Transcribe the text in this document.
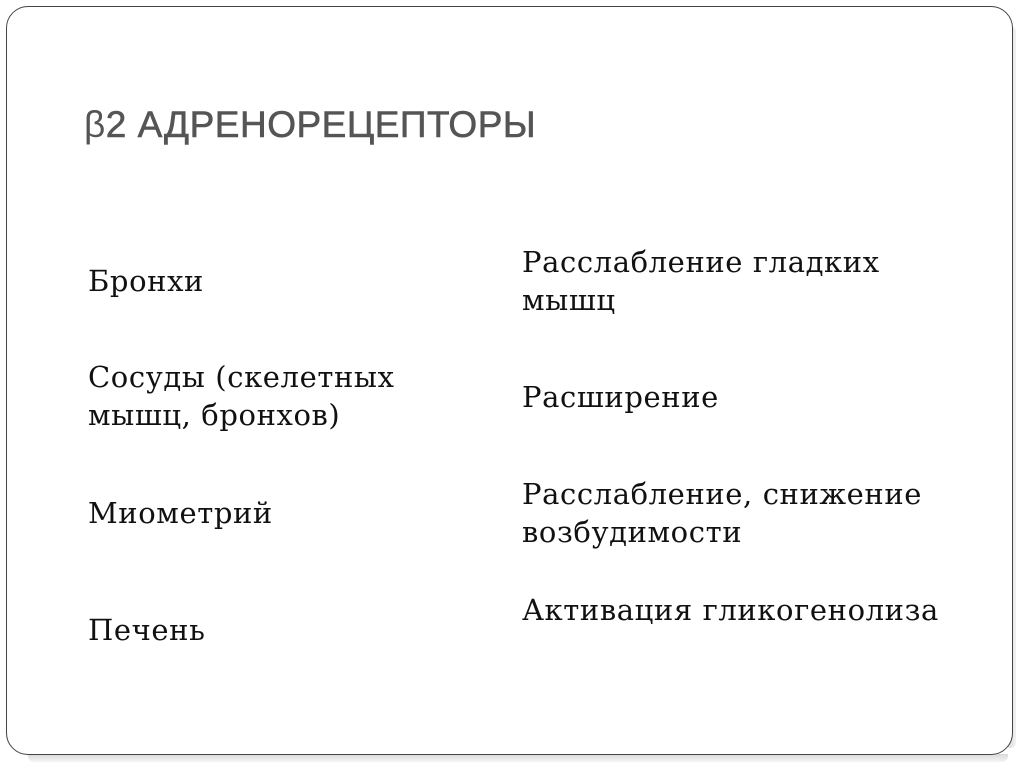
β2 АДРЕНОРЕЦЕПТОРЫ
Бронхи
Расслабление гладких мышц
Сосуды (скелетных мышц, бронхов)
Расширение
Миометрий
Расслабление, снижение возбудимости
Печень
Активация гликогенолиза
